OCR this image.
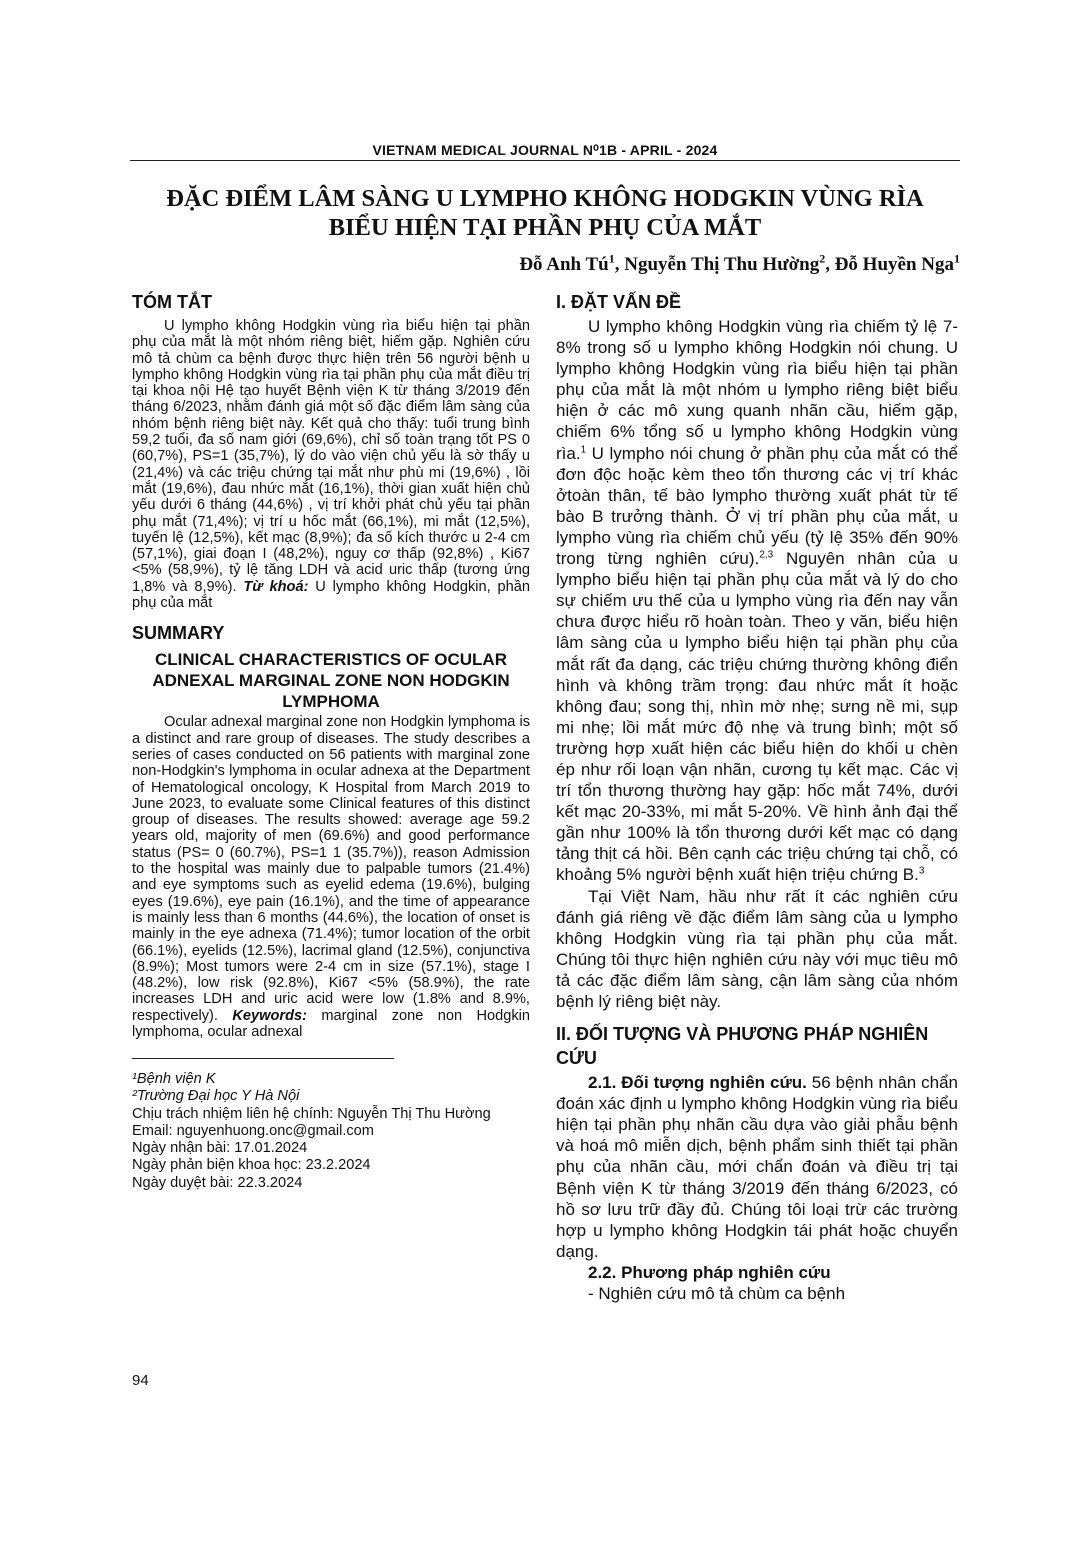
VIETNAM MEDICAL JOURNAL N⁰1B - APRIL - 2024
ĐẶC ĐIỂM LÂM SÀNG U LYMPHO KHÔNG HODGKIN VÙNG RÌA
BIỂU HIỆN TẠI PHẦN PHỤ CỦA MẮT
Đỗ Anh $Tú^1$, Nguyễn Thị Thu Hường$^2$, Đỗ Huyền Nga$^1$
TÓM TẮT

U lympho không Hodgkin vùng rìa biểu hiện tại phần phụ của mắt là một nhóm riêng biệt, hiếm gặp. Nghiên cứu mô tả chùm ca bệnh được thực hiện trên 56 người bệnh u lympho không Hodgkin vùng rìa tại phần phụ của mắt điều trị tại khoa nội Hệ tạo huyết Bệnh viện K từ tháng 3/2019 đến tháng 6/2023, nhằm đánh giá một số đặc điểm lâm sàng của nhóm bệnh riêng biệt này. Kết quả cho thấy: tuổi trung bình 59,2 tuổi, đa số nam giới (69,6%), chỉ số toàn trạng tốt PS 0 (60,7%), PS=1 (35,7%), lý do vào viện chủ yếu là sờ thấy u (21,4%) và các triệu chứng tại mắt như phù mi (19,6%) , lồi mắt (19,6%), đau nhức mắt (16,1%), thời gian xuất hiện chủ yếu dưới 6 tháng (44,6%) , vị trí khởi phát chủ yếu tại phần phụ mắt (71,4%); vị trí u hốc mắt (66,1%), mi mắt (12,5%), tuyến lệ (12,5%), kết mạc (8,9%); đa số kích thước u 2-4 cm (57,1%), giai đoạn I (48,2%), nguy cơ thấp (92,8%) , Ki67 <5% (58,9%), tỷ lệ tăng LDH và acid uric thấp (tương ứng 1,8% và 8,9%). Từ khoá: U lympho không Hodgkin, phần phụ của mắt

SUMMARY
CLINICAL CHARACTERISTICS OF OCULAR ADNEXAL MARGINAL ZONE NON HODGKIN LYMPHOMA

Ocular adnexal marginal zone non Hodgkin lymphoma is a distinct and rare group of diseases. The study describes a series of cases conducted on 56 patients with marginal zone non-Hodgkin's lymphoma in ocular adnexa at the Department of Hematological oncology, K Hospital from March 2019 to June 2023, to evaluate some Clinical features of this distinct group of diseases. The results showed: average age 59.2 years old, majority of men (69.6%) and good performance status (PS= 0 (60.7%), PS=1 1 (35.7%)), reason Admission to the hospital was mainly due to palpable tumors (21.4%) and eye symptoms such as eyelid edema (19.6%), bulging eyes (19.6%), eye pain (16.1%), and the time of appearance is mainly less than 6 months (44.6%), the location of onset is mainly in the eye adnexa (71.4%); tumor location of the orbit (66.1%), eyelids (12.5%), lacrimal gland (12.5%), conjunctiva (8.9%); Most tumors were 2-4 cm in size (57.1%), stage I (48.2%), low risk (92.8%), Ki67 <5% (58.9%), the rate increases LDH and uric acid were low (1.8% and 8.9%, respectively). Keywords: marginal zone non Hodgkin lymphoma, ocular adnexal

¹Bệnh viện K

²Trường Đại học Y Hà Nội

Chịu trách nhiệm liên hệ chính: Nguyễn Thị Thu Hường

Email: nguyenhuong.onc@gmail.com

Ngày nhận bài: 17.01.2024

Ngày phản biện khoa học: 23.2.2024

Ngày duyệt bài: 22.3.2024

I. ĐẶT VẤN ĐỀ

U lympho không Hodgkin vùng rìa chiếm tỷ lệ 7-8% trong số u lympho không Hodgkin nói chung. U lympho không Hodgkin vùng rìa biểu hiện tại phần phụ của mắt là một nhóm u lympho riêng biệt biểu hiện ở các mô xung quanh nhãn cầu, hiếm gặp, chiếm 6% tổng số u lympho không Hodgkin vùng rìa.$^1$ U lympho nói chung ở phần phụ của mắt có thể đơn độc hoặc kèm theo tổn thương các vị trí khác ởtoàn thân, tế bào lympho thường xuất phát từ tế bào B trưởng thành. Ở vị trí phần phụ của mắt, u lympho vùng rìa chiếm chủ yếu (tỷ lệ 35% đến 90% trong từng nghiên cứu).$^{2,3}$ Nguyên nhân của u lympho biểu hiện tại phần phụ của mắt và lý do cho sự chiếm ưu thế của u lympho vùng rìa đến nay vẫn chưa được hiểu rõ hoàn toàn. Theo y văn, biểu hiện lâm sàng của u lympho biểu hiện tại phần phụ của mắt rất đa dạng, các triệu chứng thường không điển hình và không trầm trọng: đau nhức mắt ít hoặc không đau; song thị, nhìn mờ nhẹ; sưng nề mi, sụp mi nhẹ; lồi mắt mức độ nhẹ và trung bình; một số trường hợp xuất hiện các biểu hiện do khối u chèn ép như rối loạn vận nhãn, cương tụ kết mạc. Các vị trí tổn thương thường hay gặp: hốc mắt 74%, dưới kết mạc 20-33%, mi mắt 5-20%. Về hình ảnh đại thể gần như 100% là tổn thương dưới kết mạc có dạng tảng thịt cá hồi. Bên cạnh các triệu chứng tại chỗ, có khoảng 5% người bệnh xuất hiện triệu chứng B.$^3$

Tại Việt Nam, hầu như rất ít các nghiên cứu đánh giá riêng về đặc điểm lâm sàng của u lympho không Hodgkin vùng rìa tại phần phụ của mắt. Chúng tôi thực hiện nghiên cứu này với mục tiêu mô tả các đặc điểm lâm sàng, cận lâm sàng của nhóm bệnh lý riêng biệt này.

II. ĐỐI TƯỢNG VÀ PHƯƠNG PHÁP NGHIÊN CỨU

2.1. Đối tượng nghiên cứu. 56 bệnh nhân chẩn đoán xác định u lympho không Hodgkin vùng rìa biểu hiện tại phần phụ nhãn cầu dựa vào giải phẫu bệnh và hoá mô miễn dịch, bệnh phẩm sinh thiết tại phần phụ của nhãn cầu, mới chẩn đoán và điều trị tại Bệnh viện K từ tháng 3/2019 đến tháng 6/2023, có hồ sơ lưu trữ đầy đủ. Chúng tôi loại trừ các trường hợp u lympho không Hodgkin tái phát hoặc chuyển dạng.

2.2. Phương pháp nghiên cứu

- Nghiên cứu mô tả chùm ca bệnh

94
